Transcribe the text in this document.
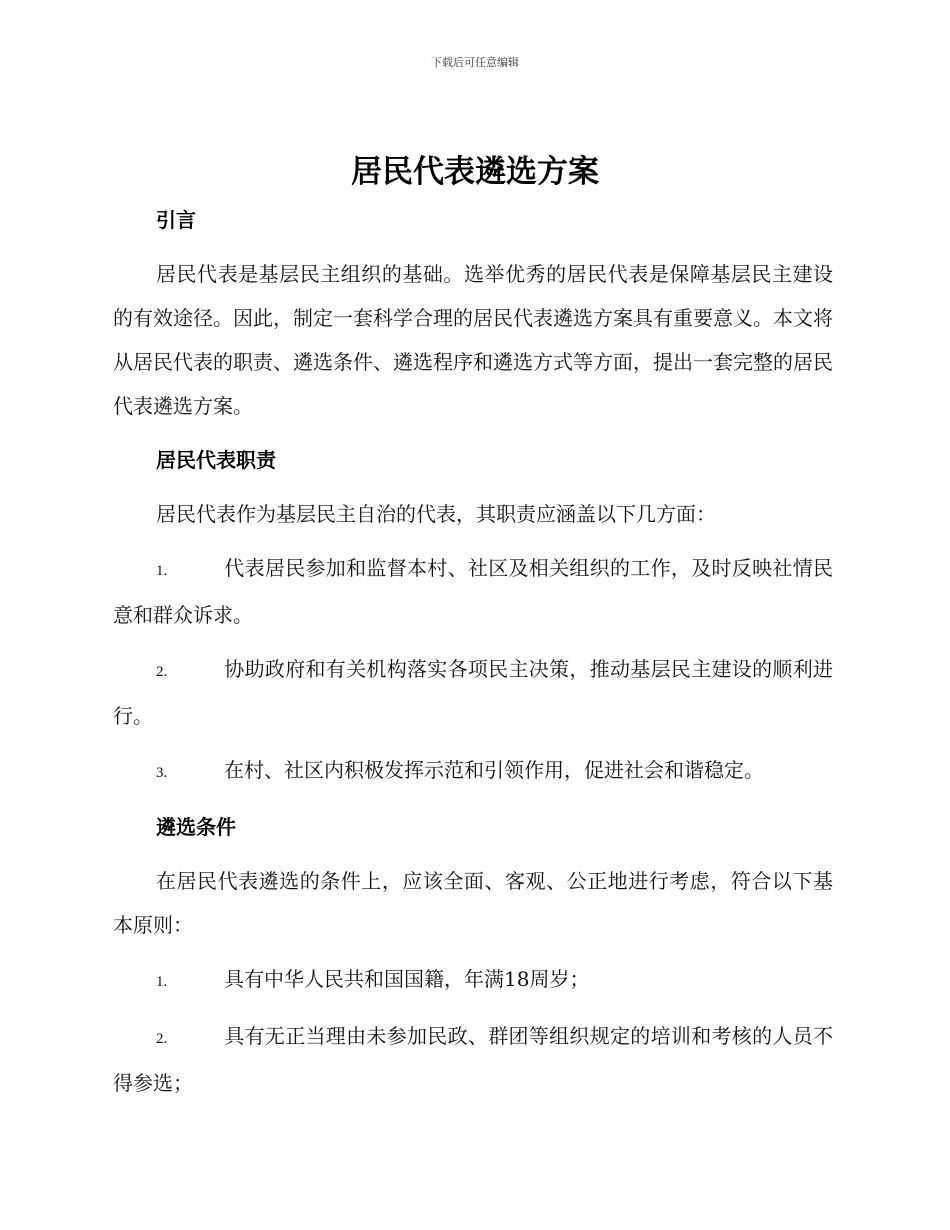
下载后可任意编辑
居民代表遴选方案
引言

居民代表是基层民主组织的基础。选举优秀的居民代表是保障基层民主建设的有效途径。因此，制定一套科学合理的居民代表遴选方案具有重要意义。本文将从居民代表的职责、遴选条件、遴选程序和遴选方式等方面，提出一套完整的居民代表遴选方案。

居民代表职责

居民代表作为基层民主自治的代表，其职责应涵盖以下几方面：

1.	代表居民参加和监督本村、社区及相关组织的工作，及时反映社情民意和群众诉求。

2.	协助政府和有关机构落实各项民主决策，推动基层民主建设的顺利进行。

3.	在村、社区内积极发挥示范和引领作用，促进社会和谐稳定。

遴选条件

在居民代表遴选的条件上，应该全面、客观、公正地进行考虑，符合以下基本原则：

1.	具有中华人民共和国国籍，年满18周岁；

2.	具有无正当理由未参加民政、群团等组织规定的培训和考核的人员不得参选；
